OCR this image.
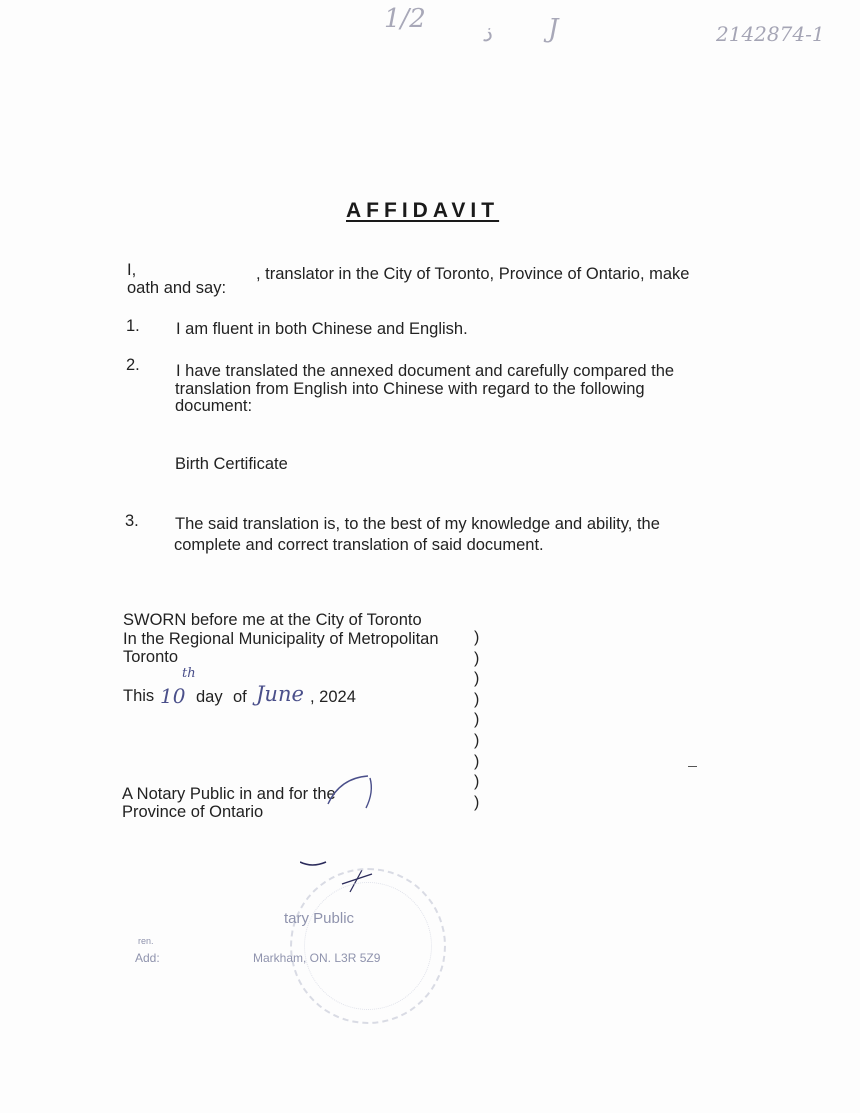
1/2
ذ J	2142874-1
AFFIDAVIT
I,	, translator in the City of Toronto, Province of Ontario, make
oath and say:
1. I am fluent in both Chinese and English.
2. I have translated the annexed document and carefully compared the
translation from English into Chinese with regard to the following
document:
Birth Certificate
3. The said translation is, to the best of my knowledge and ability, the
complete and correct translation of said document.
SWORN before me at the City of Toronto
In the Regional Municipality of Metropolitan
Toronto
This 10
th
day of June , 2024
)
)
)
)
)
)
)
)
)
A Notary Public in and for the
Province of Ontario
tary Public
ren.
Add:	Markham, ON. L3R 5Z9
